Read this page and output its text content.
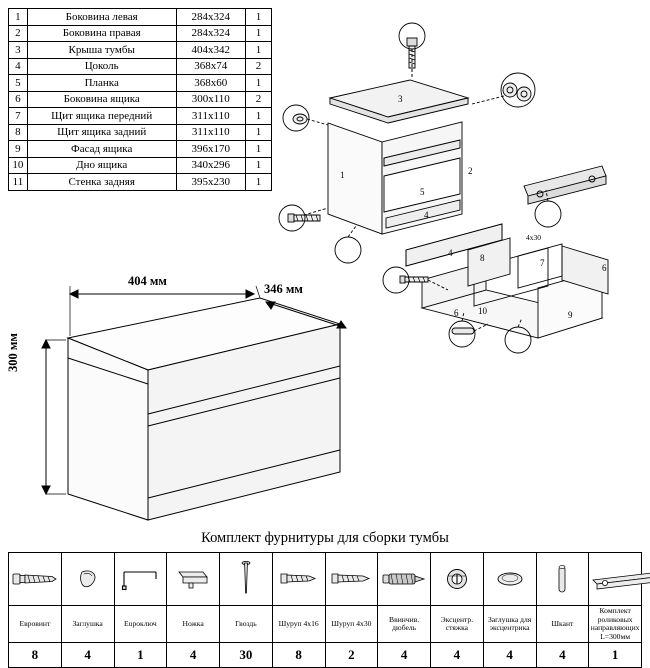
1	Боковина левая	284х324	1
2	Боковина правая	284х324	1
3	Крыша тумбы	404х342	1
4	Цоколь	368х74	2
5	Планка	368х60	1
6	Боковина ящика	300х110	2
7	Щит ящика передний	311х110	1
8	Щит ящика задний	311х110	1
9	Фасад ящика	396х170	1
10	Дно ящика	340х296	1
11	Стенка задняя	395х230	1
4
1	2
3
5
4
8
6
7
6 10	9
4х30
404 мм
346 мм
300 мм
Комплект фурнитуры для сборки тумбы

Евровинт	Заглушка	Euроключ	Ножка	Гвоздь	Шуруп 4х16	Шуруп 4х30	Ввинчив. дюбель	Эксцентр. стяжка	Заглушка для эксцентрика	Шкант	Комплект роликовых направляющих L=300мм
8	4	1	4	30	8	2	4	4	4	4	1
